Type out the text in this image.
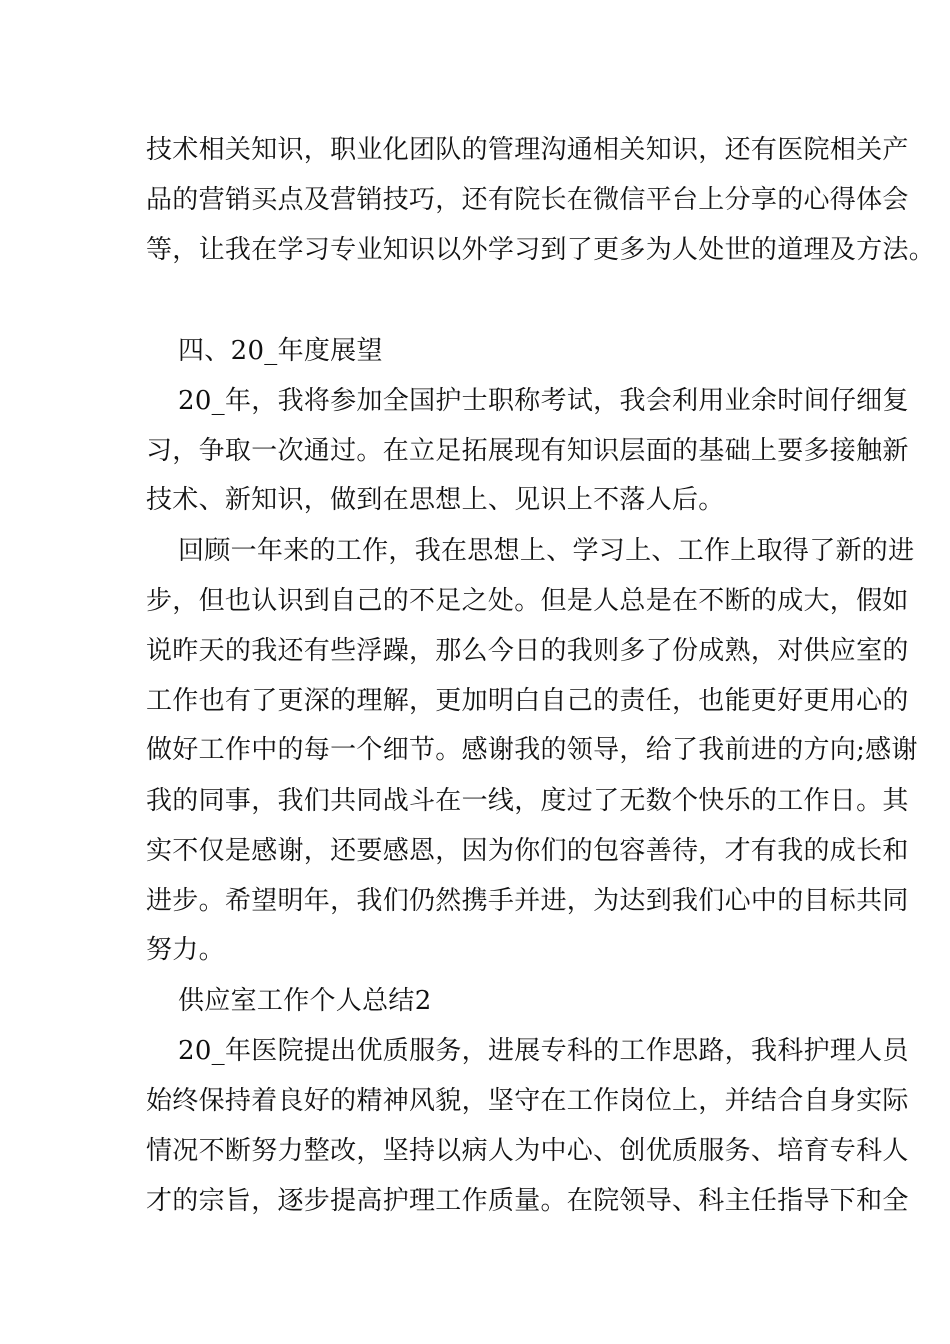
技术相关知识，职业化团队的管理沟通相关知识，还有医院相关产
品的营销买点及营销技巧，还有院长在微信平台上分享的心得体会
等，让我在学习专业知识以外学习到了更多为人处世的道理及方法。
四、20_年度展望
20_年，我将参加全国护士职称考试，我会利用业余时间仔细复
习，争取一次通过。在立足拓展现有知识层面的基础上要多接触新
技术、新知识，做到在思想上、见识上不落人后。
回顾一年来的工作，我在思想上、学习上、工作上取得了新的进
步，但也认识到自己的不足之处。但是人总是在不断的成大，假如
说昨天的我还有些浮躁，那么今日的我则多了份成熟，对供应室的
工作也有了更深的理解，更加明白自己的责任，也能更好更用心的
做好工作中的每一个细节。感谢我的领导，给了我前进的方向;感谢
我的同事，我们共同战斗在一线，度过了无数个快乐的工作日。其
实不仅是感谢，还要感恩，因为你们的包容善待，才有我的成长和
进步。希望明年，我们仍然携手并进，为达到我们心中的目标共同
努力。
供应室工作个人总结2
20_年医院提出优质服务，进展专科的工作思路，我科护理人员
始终保持着良好的精神风貌，坚守在工作岗位上，并结合自身实际
情况不断努力整改，坚持以病人为中心、创优质服务、培育专科人
才的宗旨，逐步提高护理工作质量。在院领导、科主任指导下和全
